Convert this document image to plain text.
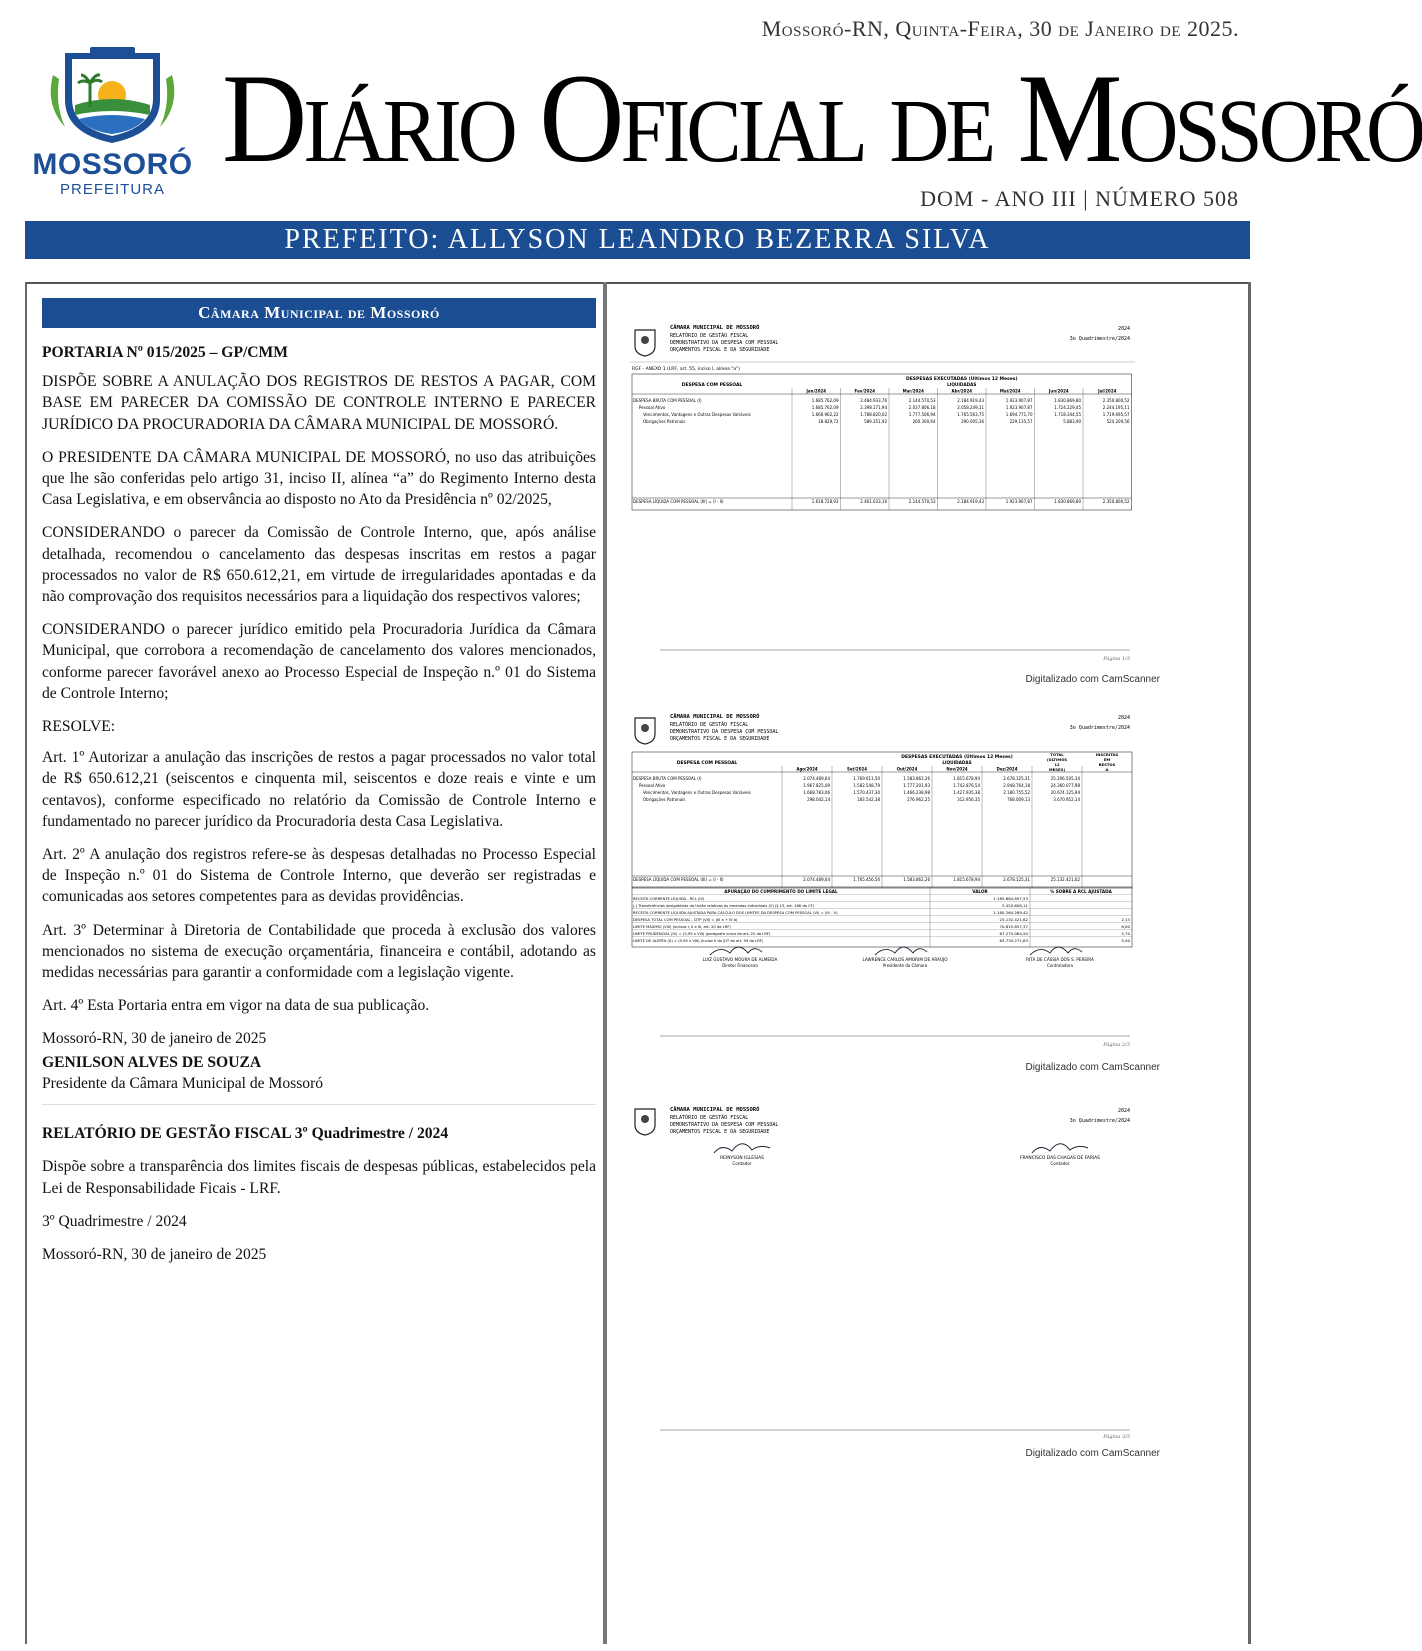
MOSSORÓ
PREFEITURA
Mossoró-RN, Quinta-Feira, 30 de Janeiro de 2025.
Diário Oficial de Mossoró
DOM - ANO III | NÚMERO 508
PREFEITO: ALLYSON LEANDRO BEZERRA SILVA
Câmara Municipal de Mossoró

PORTARIA Nº 015/2025 – GP/CMM

DISPÕE SOBRE A ANULAÇÃO DOS REGISTROS DE RESTOS A PAGAR, COM BASE EM PARECER DA COMISSÃO DE CONTROLE INTERNO E PARECER JURÍDICO DA PROCURADORIA DA CÂMARA MUNICIPAL DE MOSSORÓ.

O PRESIDENTE DA CÂMARA MUNICIPAL DE MOSSORÓ, no uso das atribuições que lhe são conferidas pelo artigo 31, inciso II, alínea “a” do Regimento Interno desta Casa Legislativa, e em observância ao disposto no Ato da Presidência nº 02/2025,

CONSIDERANDO o parecer da Comissão de Controle Interno, que, após análise detalhada, recomendou o cancelamento das despesas inscritas em restos a pagar processados no valor de R$ 650.612,21, em virtude de irregularidades apontadas e da não comprovação dos requisitos necessários para a liquidação dos respectivos valores;

CONSIDERANDO o parecer jurídico emitido pela Procuradoria Jurídica da Câmara Municipal, que corrobora a recomendação de cancelamento dos valores mencionados, conforme parecer favorável anexo ao Processo Especial de Inspeção n.º 01 do Sistema de Controle Interno;

RESOLVE:

Art. 1º Autorizar a anulação das inscrições de restos a pagar processados no valor total de R$ 650.612,21 (seiscentos e cinquenta mil, seiscentos e doze reais e vinte e um centavos), conforme especificado no relatório da Comissão de Controle Interno e fundamentado no parecer jurídico da Procuradoria desta Casa Legislativa.

Art. 2º A anulação dos registros refere-se às despesas detalhadas no Processo Especial de Inspeção n.º 01 do Sistema de Controle Interno, que deverão ser registradas e comunicadas aos setores competentes para as devidas providências.

Art. 3º Determinar à Diretoria de Contabilidade que proceda à exclusão dos valores mencionados no sistema de execução orçamentária, financeira e contábil, adotando as medidas necessárias para garantir a conformidade com a legislação vigente.

Art. 4º Esta Portaria entra em vigor na data de sua publicação.

Mossoró-RN, 30 de janeiro de 2025

GENILSON ALVES DE SOUZA

Presidente da Câmara Municipal de Mossoró

RELATÓRIO DE GESTÃO FISCAL 3º Quadrimestre / 2024

Dispõe sobre a transparência dos limites fiscais de despesas públicas, estabelecidos pela Lei de Responsabilidade Ficais - LRF.

3º Quadrimestre / 2024

Mossoró-RN, 30 de janeiro de 2025

CÂMARA MUNICIPAL DE MOSSORÓ
RELATÓRIO DE GESTÃO FISCAL
DEMONSTRATIVO DA DESPESA COM PESSOAL
ORÇAMENTOS FISCAL E DA SEGURIDADE
2024
3o Quadrimestre/2024
RGF - ANEXO 1 (LRF, art. 55, inciso I, alínea "a")
DESPESAS EXECUTADAS (Últimos 12 Meses)
LIQUIDADAS
DESPESA COM PESSOAL
Jan/2024	Fev/2024	Mar/2024	Abr/2024	Mai/2024	Jun/2024	Jul/2024
DESPESA BRUTA COM PESSOAL (I)	1.685.762,09	2.484.933,76	2.144.570,53	2.184.919,43	1.923.907,87	1.830.869,80	2.350.800,52
Pessoal Ativo	1.685.762,09	2.398.171,94	2.037.806,18	2.058.249,11	1.923.907,87	1.724.229,45	2.244.195,11
Vencimentos, Vantagens e Outras Despesas Variáveis	1.666.962,22	1.788.820,02	1.777.506,94	1.765.563,75	1.694.771,70	1.718.344,55	1.719.695,57
Obrigações Patronais	18.829,72	589.351,92	260.300,64	290.005,36	229.135,57	5.883,90	524.209,56
DESPESA LÍQUIDA COM PESSOAL (III) = (I - II)	1.618.728,93	2.461.033,16	2.144.570,53	2.184.919,43	1.923.907,87	1.830.869,80	2.350.800,52
Página 1/3
Digitalizado com CamScanner
CÂMARA MUNICIPAL DE MOSSORÓ
RELATÓRIO DE GESTÃO FISCAL
DEMONSTRATIVO DA DESPESA COM PESSOAL
ORÇAMENTOS FISCAL E DA SEGURIDADE
2024
3o Quadrimestre/2024
DESPESAS EXECUTADAS (Últimos 12 Meses)
LIQUIDADAS
DESPESA COM PESSOAL
Ago/2024	Set/2024	Out/2024	Nov/2024	Dez/2024
TOTAL
(ÚLTIMOS
12
MESES)
INSCRITAS
EM
RESTOS
A
DESPESA BRUTA COM PESSOAL (I)	2.074.489,64	1.769.611,50	1.583.862,26	1.815.678,94	2.678.125,31	25.206.505,34
Pessoal Ativo	1.967.825,09	1.582.548,79	1.777.201,93	1.742.876,54	2.948.764,18	24.360.077,98
Vencimentos, Vantagens e Outras Despesas Variáveis	1.668.783,06	1.570.437,30	1.466.238,98	1.427.935,38	2.180.755,52	20.674.125,94
Obrigações Patronais	298.042,14	183.542,38	276.962,25	312.956,35	768.009,13	3.670.952,14
DESPESA LÍQUIDA COM PESSOAL (III) = (I - II)	2.074.489,64	1.765.456,56	1.583.862,26	1.815.678,94	2.678.125,31	25.132.421,62
APURAÇÃO DO CUMPRIMENTO DO LIMITE LEGAL	VALOR	% SOBRE A RCL AJUSTADA
RECEITA CORRENTE LÍQUIDA - RCL (IV)	1.185.684.897,53
(-) Transferências obrigatórias da União relativas às emendas individuais (V) (§ 13, art. 166 da CF)	5.420.608,11
RECEITA CORRENTE LÍQUIDA AJUSTADA PARA CÁLCULO DOS LIMITES DA DESPESA COM PESSOAL (VI) = (IV - V)	1.180.264.289,42
DESPESA TOTAL COM PESSOAL - DTP (VII) = (III a + III b)	25.132.421,62	2,13
LIMITE MÁXIMO (VIII) (incisos I, II e III, art. 20 da LRF)	70.815.857,37	6,00
LIMITE PRUDENCIAL (IX) = (0,95 x VIII) (parágrafo único do art. 22 da LRF)	67.275.064,50	5,70
LIMITE DE ALERTA (X) = (0,90 x VIII) (inciso II do §1º do art. 59 da LRF)	63.734.271,63	5,40
LUIZ GUSTAVO MOURA DE ALMEIDA
Diretor Financeiro
LAWRENCE CARLOS AMORIM DE ARAÚJO
Presidente da Câmara
RITA DE CÁSSIA DOS S. PEREIRA
Controladora
Página 2/3
Digitalizado com CamScanner
CÂMARA MUNICIPAL DE MOSSORÓ
RELATÓRIO DE GESTÃO FISCAL
DEMONSTRATIVO DA DESPESA COM PESSOAL
ORÇAMENTOS FISCAL E DA SEGURIDADE
2024
3o Quadrimestre/2024
REINYSON IGLESIAS
Contador
FRANCISCO DAS CHAGAS DE FARIAS
Contador
Página 3/3
Digitalizado com CamScanner
